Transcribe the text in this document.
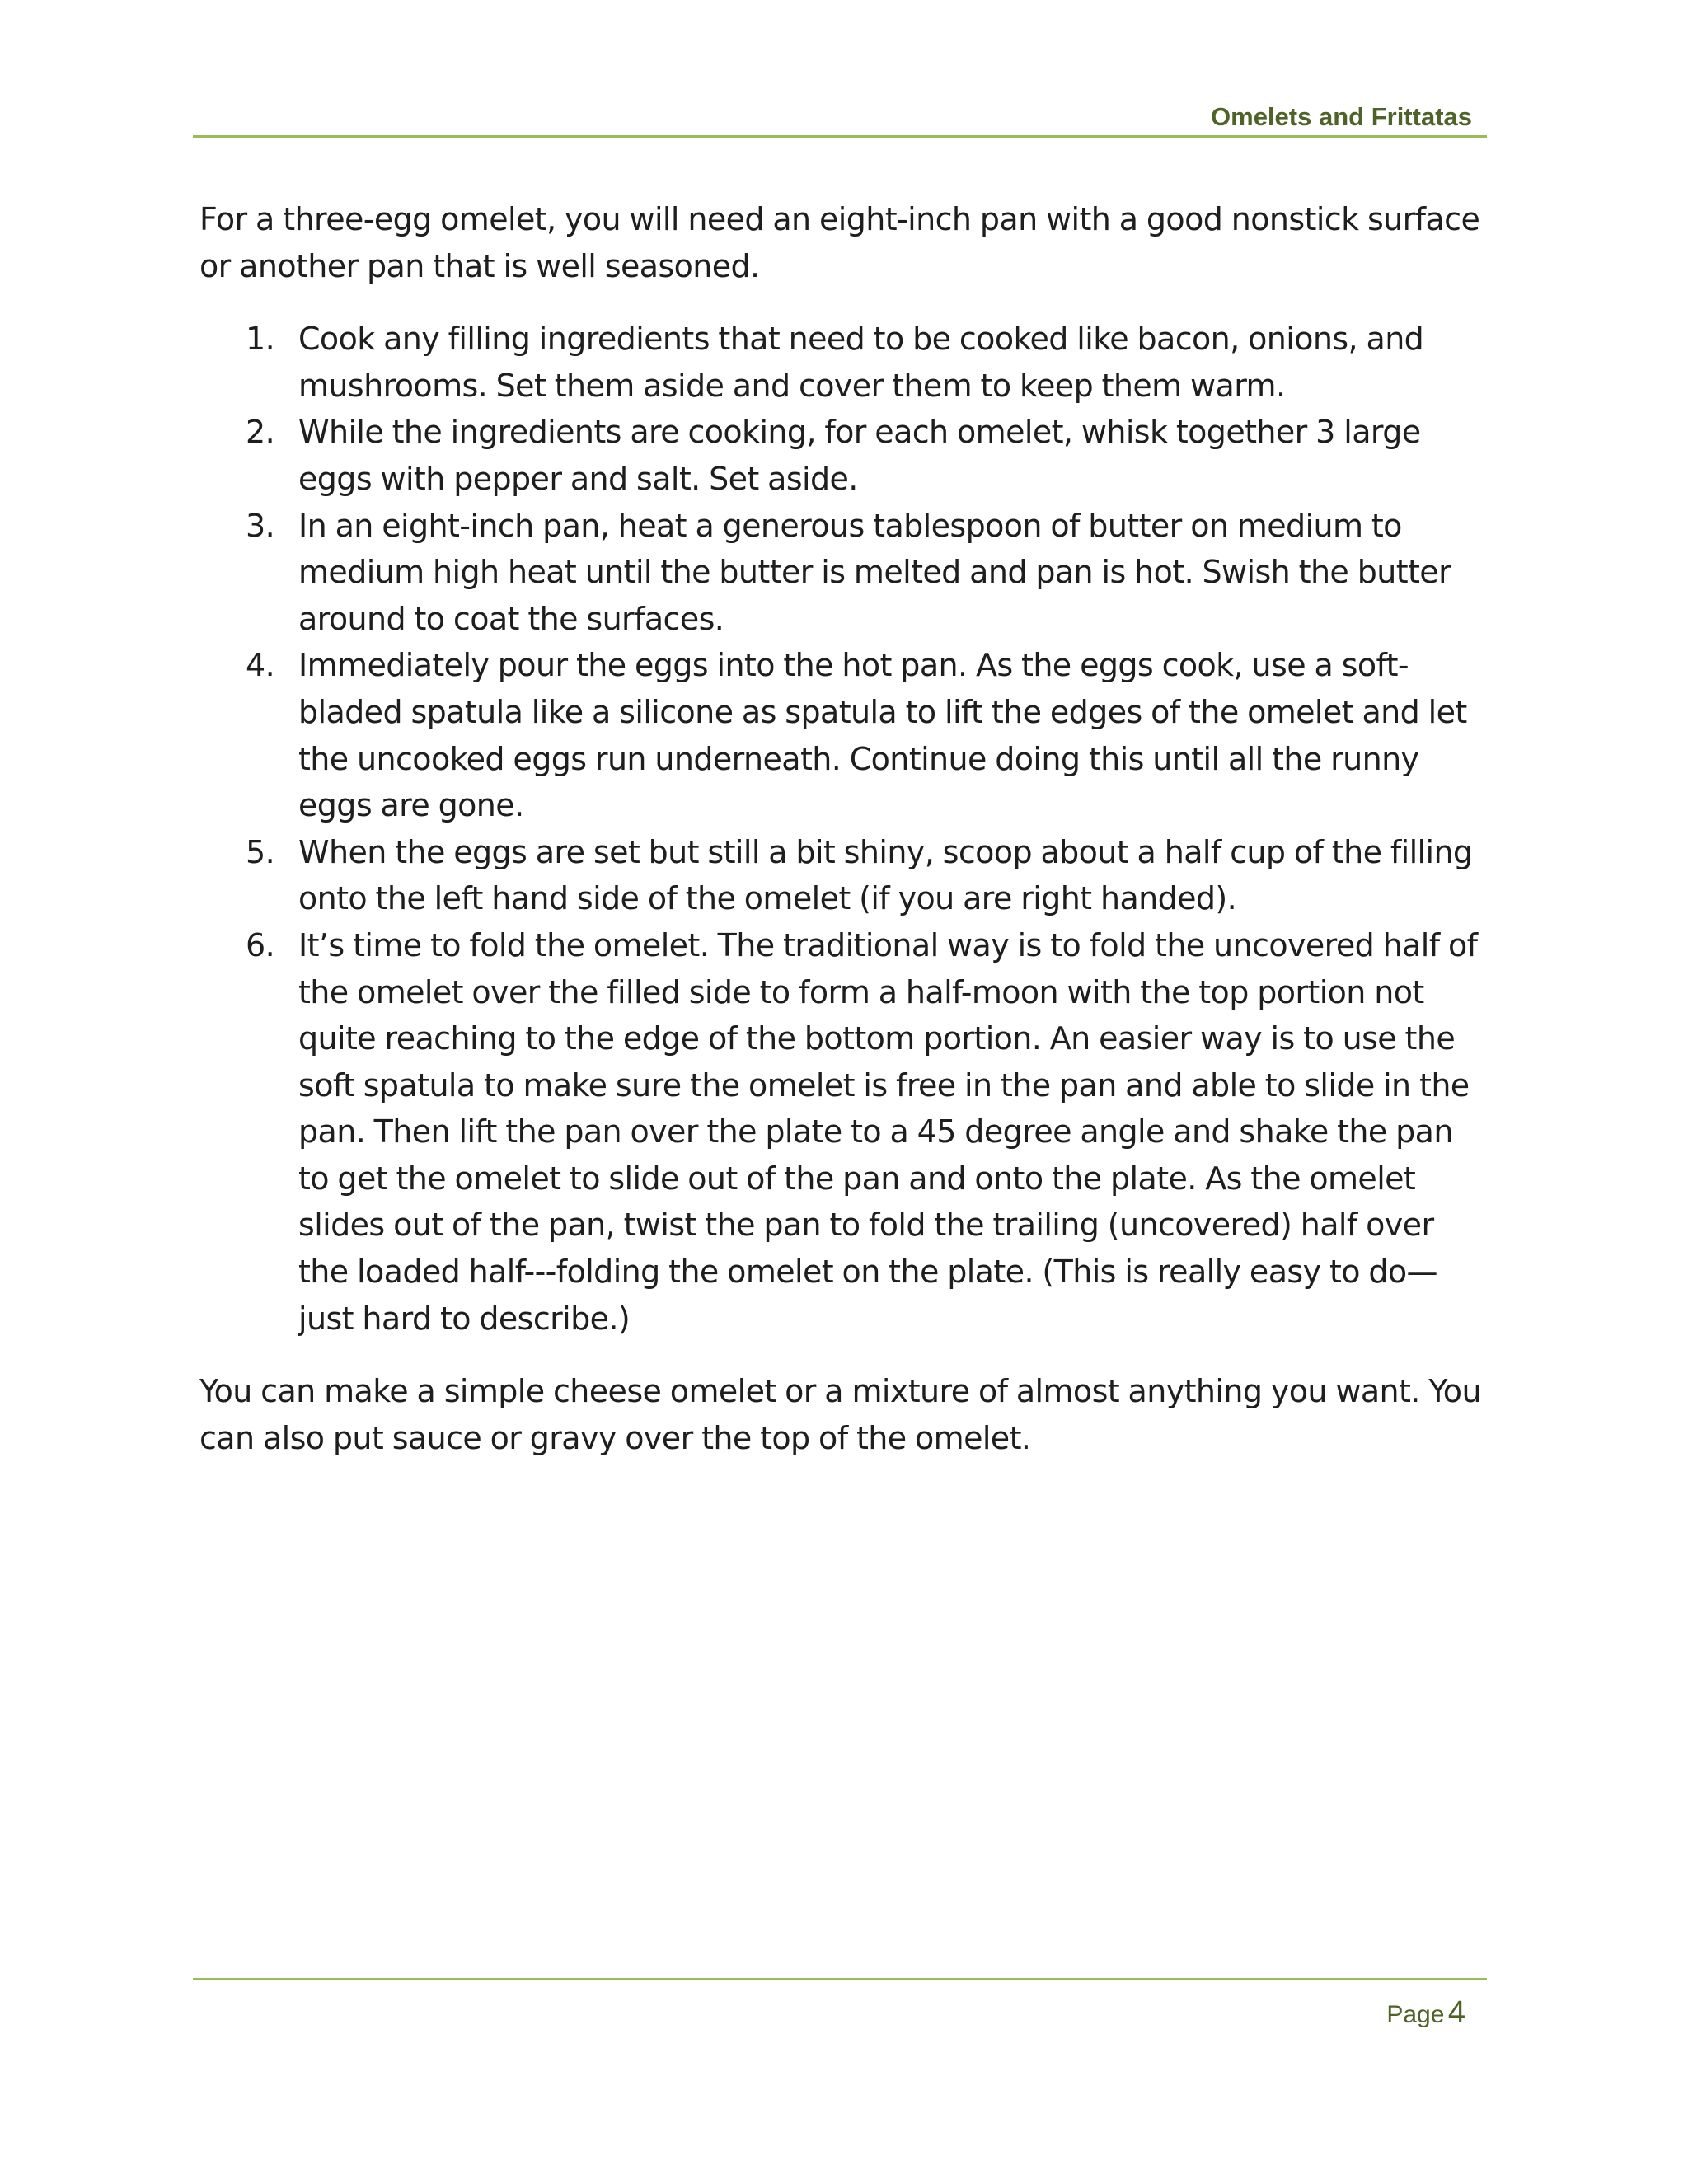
Omelets and Frittatas

For a three-egg omelet, you will need an eight-inch pan with a good nonstick surface or another pan that is well seasoned.

1. Cook any filling ingredients that need to be cooked like bacon, onions, and mushrooms. Set them aside and cover them to keep them warm.
2. While the ingredients are cooking, for each omelet, whisk together 3 large eggs with pepper and salt. Set aside.
3. In an eight-inch pan, heat a generous tablespoon of butter on medium to medium high heat until the butter is melted and pan is hot. Swish the butter around to coat the surfaces.
4. Immediately pour the eggs into the hot pan. As the eggs cook, use a soft-bladed spatula like a silicone as spatula to lift the edges of the omelet and let the uncooked eggs run underneath. Continue doing this until all the runny eggs are gone.
5. When the eggs are set but still a bit shiny, scoop about a half cup of the filling onto the left hand side of the omelet (if you are right handed).
6. It’s time to fold the omelet. The traditional way is to fold the uncovered half of the omelet over the filled side to form a half-moon with the top portion not quite reaching to the edge of the bottom portion. An easier way is to use the soft spatula to make sure the omelet is free in the pan and able to slide in the pan. Then lift the pan over the plate to a 45 degree angle and shake the pan to get the omelet to slide out of the pan and onto the plate. As the omelet slides out of the pan, twist the pan to fold the trailing (uncovered) half over the loaded half---folding the omelet on the plate. (This is really easy to do—just hard to describe.)

You can make a simple cheese omelet or a mixture of almost anything you want. You can also put sauce or gravy over the top of the omelet.

Page 4
